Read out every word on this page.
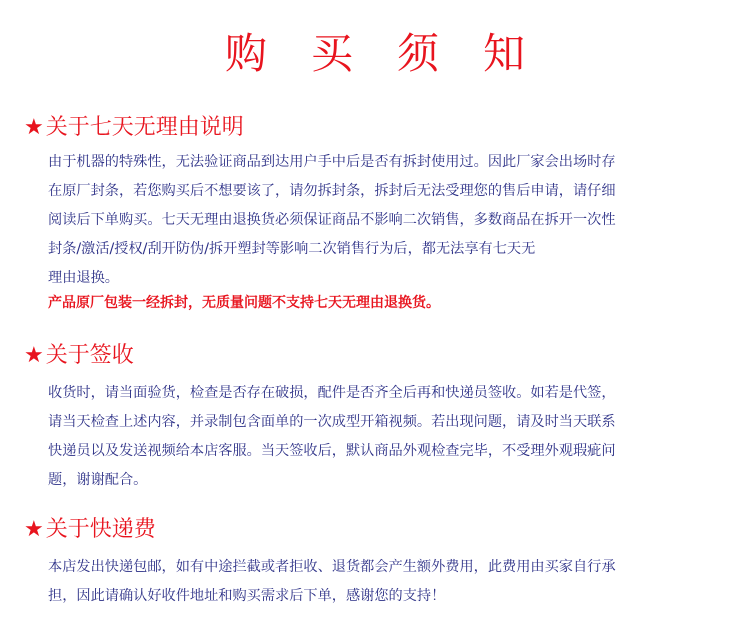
购 买 须 知
★ 关于七天无理由说明
由于机器的特殊性，无法验证商品到达用户手中后是否有拆封使用过。因此厂家会出场时存
在原厂封条，若您购买后不想要该了，请勿拆封条，拆封后无法受理您的售后申请，请仔细
阅读后下单购买。七天无理由退换货必须保证商品不影响二次销售，多数商品在拆开一次性
封条/激活/授权/刮开防伪/拆开塑封等影响二次销售行为后，都无法享有七天无
理由退换。
产品原厂包装一经拆封，无质量问题不支持七天无理由退换货。
★ 关于签收
收货时，请当面验货，检查是否存在破损，配件是否齐全后再和快递员签收。如若是代签，
请当天检查上述内容，并录制包含面单的一次成型开箱视频。若出现问题，请及时当天联系
快递员以及发送视频给本店客服。当天签收后，默认商品外观检查完毕，不受理外观瑕疵问
题，谢谢配合。
★ 关于快递费
本店发出快递包邮，如有中途拦截或者拒收、退货都会产生额外费用，此费用由买家自行承
担，因此请确认好收件地址和购买需求后下单，感谢您的支持！
